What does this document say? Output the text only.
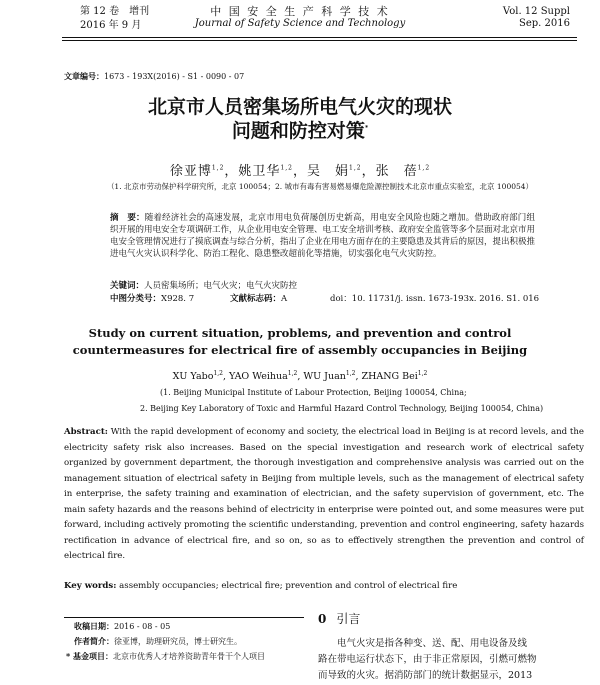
第 12 卷　增刊
2016 年 9 月
中 国 安 全 生 产 科 学 技 术
Journal of Safety Science and Technology
Vol. 12 Suppl
Sep. 2016
文章编号：1673 - 193X(2016) - S1 - 0090 - 07
北京市人员密集场所电气火灾的现状
问题和防控对策*
徐亚博$^{1,2}$，姚卫华$^{1,2}$，吴　娟$^{1,2}$，张　蓓$^{1,2}$
（1. 北京市劳动保护科学研究所，北京 100054；2. 城市有毒有害易燃易爆危险源控制技术北京市重点实验室，北京 100054）
摘　要：随着经济社会的高速发展，北京市用电负荷屡创历史新高，用电安全风险也随之增加。借助政府部门组织开展的用电安全专项调研工作，从企业用电安全管理、电工安全培训考核、政府安全监管等多个层面对北京市用电安全管理情况进行了摸底调查与综合分析，指出了企业在用电方面存在的主要隐患及其背后的原因，提出积极推进电气火灾认识科学化、防治工程化、隐患整改超前化等措施，切实强化电气火灾防控。
关键词：人员密集场所；电气火灾；电气火灾防控
中图分类号：X928. 7	文献标志码：A	doi：10. 11731/j. issn. 1673-193x. 2016. S1. 016
Study on current situation, problems, and prevention and control
countermeasures for electrical fire of assembly occupancies in Beijing
XU Yabo$^{1,2}$, YAO Weihua$^{1,2}$, WU Juan$^{1,2}$, ZHANG Bei$^{1,2}$
(1. Beijing Municipal Institute of Labour Protection, Beijing 100054, China;
2. Beijing Key Laboratory of Toxic and Harmful Hazard Control Technology, Beijing 100054, China)
Abstract: With the rapid development of economy and society, the electrical load in Beijing is at record levels, and the electricity safety risk also increases. Based on the special investigation and research work of electrical safety organized by government department, the thorough investigation and comprehensive analysis was carried out on the management situation of electrical safety in Beijing from multiple levels, such as the management of electrical safety in enterprise, the safety training and examination of electrician, and the safety supervision of government, etc. The main safety hazards and the reasons behind of electricity in enterprise were pointed out, and some measures were put forward, including actively promoting the scientific understanding, prevention and control engineering, safety hazards rectification in advance of electrical fire, and so on, so as to effectively strengthen the prevention and control of electrical fire.
Key words: assembly occupancies; electrical fire; prevention and control of electrical fire
收稿日期：2016 - 08 - 05
作者简介：徐亚博，助理研究员，博士研究生。
* 基金项目：北京市优秀人才培养资助青年骨干个人项目
0 引言
电气火灾是指各种变、送、配、用电设备及线
路在带电运行状态下，由于非正常原因，引燃可燃物
而导致的火灾。据消防部门的统计数据显示，2013
